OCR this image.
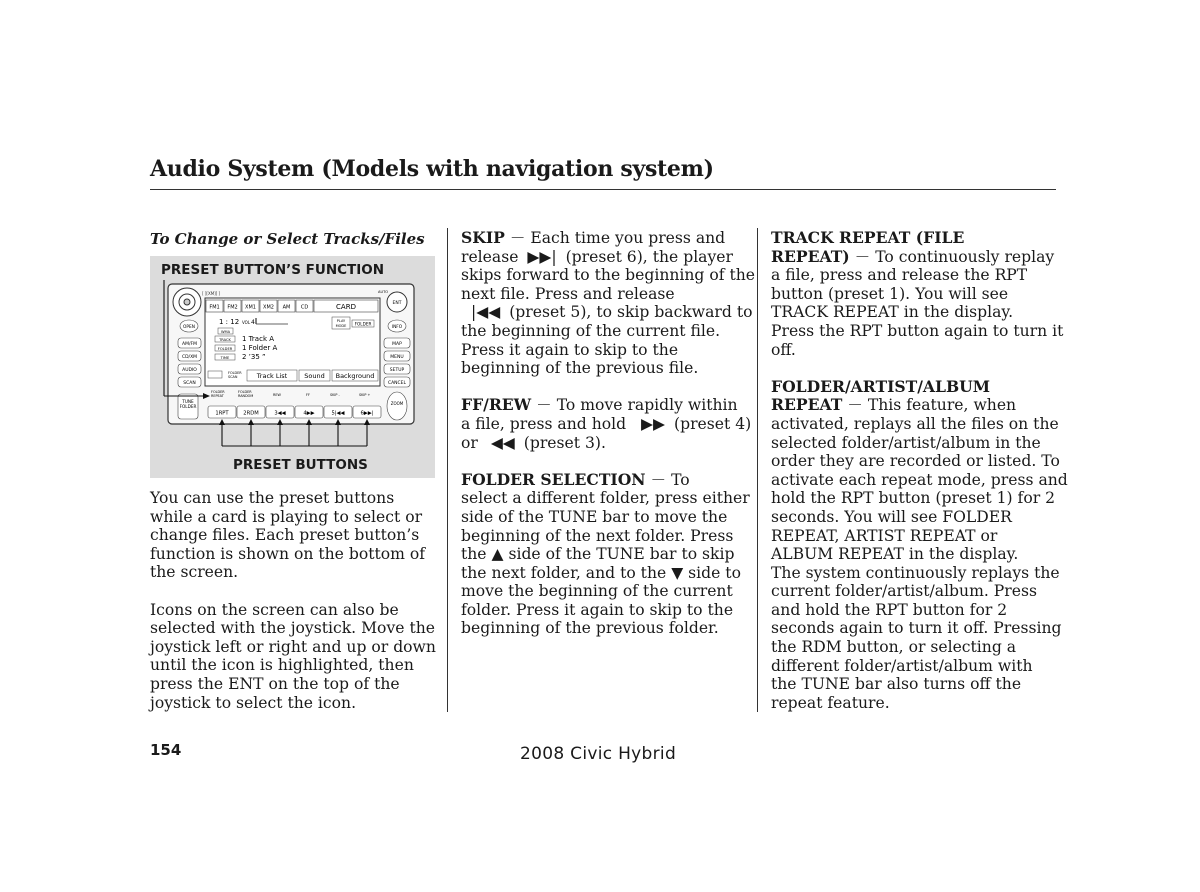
Audio System (Models with navigation system)
To Change or Select Tracks/Files
PRESET BUTTON’S FUNCTION
ENT
[ ][XM][ ]	AUTO
FM1 FM2 XM1 XM2 AM CD	CARD
1 : 12 VOL 4	PLAY
MODE FOLDER
WMA
TRACK 1 Track A
FOLDER 1 Folder A
TIME 2 ’35 ”
FOLDER
SCAN	Track List	Sound Background
FOLDER
REPEAT
FOLDER
RANDOM	REW	FF	SKIP -	SKIP +
OPEN
AM/FM
CD/XM
AUDIO
SCAN
TUNE
FOLDER
INFO
MAP
MENU
SETUP
CANCEL
ZOOM
1RPT	2RDM	3◀◀	4▶▶	5|◀◀	6▶▶|
PRESET BUTTONS

You can use the preset buttons while a card is playing to select or change files. Each preset button’s function is shown on the bottom of the screen.

Icons on the screen can also be selected with the joystick. Move the joystick left or right and up or down until the icon is highlighted, then press the ENT on the top of the joystick to select the icon.

SKIP － Each time you press and
release ▶▶| (preset 6), the player
skips forward to the beginning of the
next file. Press and release
|◀◀ (preset 5), to skip backward to
the beginning of the current file.
Press it again to skip to the
beginning of the previous file.
FF/REW － To move rapidly within
a file, press and hold ▶▶ (preset 4)
or ◀◀ (preset 3).
FOLDER SELECTION － To
select a different folder, press either
side of the TUNE bar to move the
beginning of the next folder. Press
the ▲ side of the TUNE bar to skip
the next folder, and to the ▼ side to
move the beginning of the current
folder. Press it again to skip to the
beginning of the previous folder.
TRACK REPEAT (FILE
REPEAT) － To continuously replay
a file, press and release the RPT
button (preset 1). You will see
TRACK REPEAT in the display.
Press the RPT button again to turn it
off.
FOLDER/ARTIST/ALBUM
REPEAT － This feature, when
activated, replays all the files on the
selected folder/artist/album in the
order they are recorded or listed. To
activate each repeat mode, press and
hold the RPT button (preset 1) for 2
seconds. You will see FOLDER
REPEAT, ARTIST REPEAT or
ALBUM REPEAT in the display.
The system continuously replays the
current folder/artist/album. Press
and hold the RPT button for 2
seconds again to turn it off. Pressing
the RDM button, or selecting a
different folder/artist/album with
the TUNE bar also turns off the
repeat feature.
154	2008 Civic Hybrid
